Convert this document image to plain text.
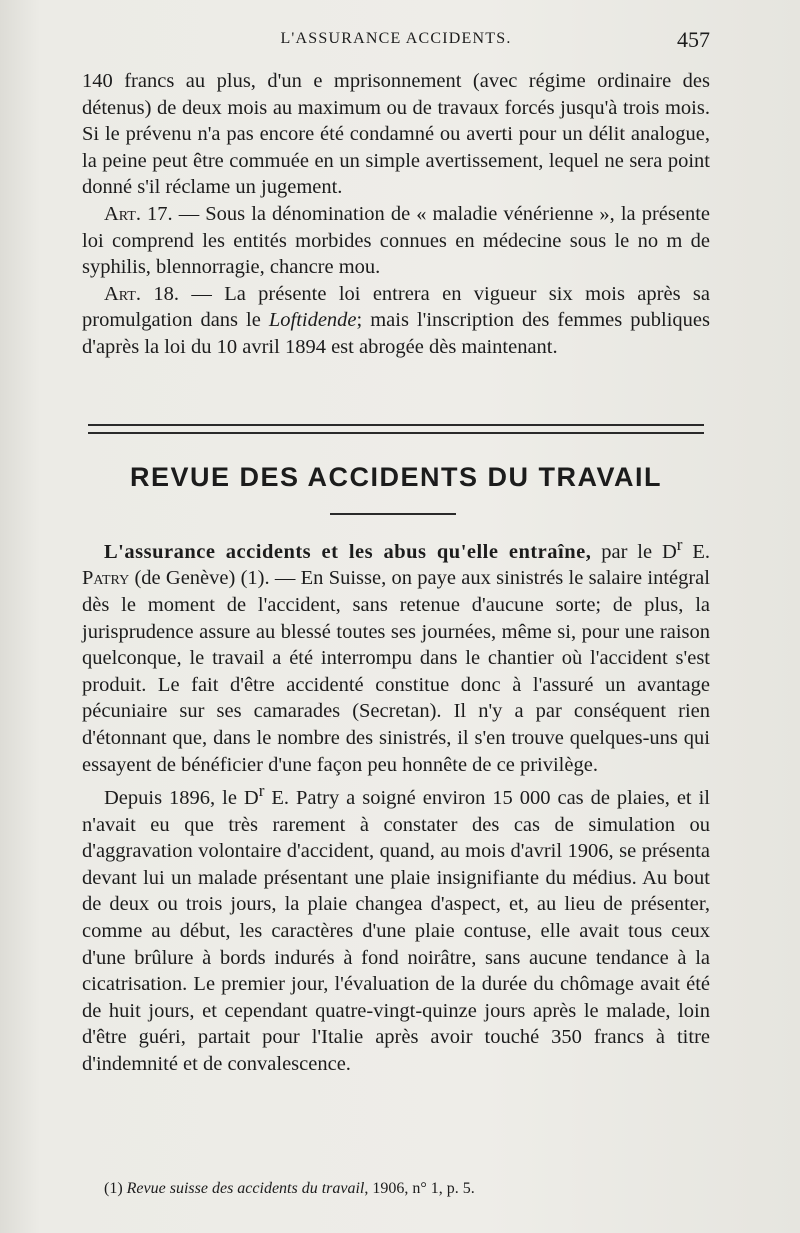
L'ASSURANCE ACCIDENTS.	457

140 francs au plus, d'un e mprisonnement (avec régime ordinaire des détenus) de deux mois au maximum ou de travaux forcés jusqu'à trois mois. Si le prévenu n'a pas encore été condamné ou averti pour un délit analogue, la peine peut être commuée en un simple avertissement, lequel ne sera point donné s'il réclame un jugement.

Art. 17. — Sous la dénomination de « maladie vénérienne », la présente loi comprend les entités morbides connues en médecine sous le no m de syphilis, blennorragie, chancre mou.

Art. 18. — La présente loi entrera en vigueur six mois après sa promulgation dans le Loftidende; mais l'inscription des femmes publiques d'après la loi du 10 avril 1894 est abrogée dès maintenant.

REVUE DES ACCIDENTS DU TRAVAIL

L'assurance accidents et les abus qu'elle entraîne, par le $D^r$ E. Patry (de Genève) (1). — En Suisse, on paye aux sinistrés le salaire intégral dès le moment de l'accident, sans retenue d'aucune sorte; de plus, la jurisprudence assure au blessé toutes ses journées, même si, pour une raison quelconque, le travail a été interrompu dans le chantier où l'accident s'est produit. Le fait d'être accidenté constitue donc à l'assuré un avantage pécuniaire sur ses camarades (Secretan). Il n'y a par conséquent rien d'étonnant que, dans le nombre des sinistrés, il s'en trouve quelques-uns qui essayent de bénéficier d'une façon peu honnête de ce privilège.

Depuis 1896, le $D^r$ E. Patry a soigné environ 15 000 cas de plaies, et il n'avait eu que très rarement à constater des cas de simulation ou d'aggravation volontaire d'accident, quand, au mois d'avril 1906, se présenta devant lui un malade présentant une plaie insignifiante du médius. Au bout de deux ou trois jours, la plaie changea d'aspect, et, au lieu de présenter, comme au début, les caractères d'une plaie contuse, elle avait tous ceux d'une brûlure à bords indurés à fond noirâtre, sans aucune tendance à la cicatrisation. Le premier jour, l'évaluation de la durée du chômage avait été de huit jours, et cependant quatre-vingt-quinze jours après le malade, loin d'être guéri, partait pour l'Italie après avoir touché 350 francs à titre d'indemnité et de convalescence.

(1) Revue suisse des accidents du travail, 1906, n° 1, p. 5.
